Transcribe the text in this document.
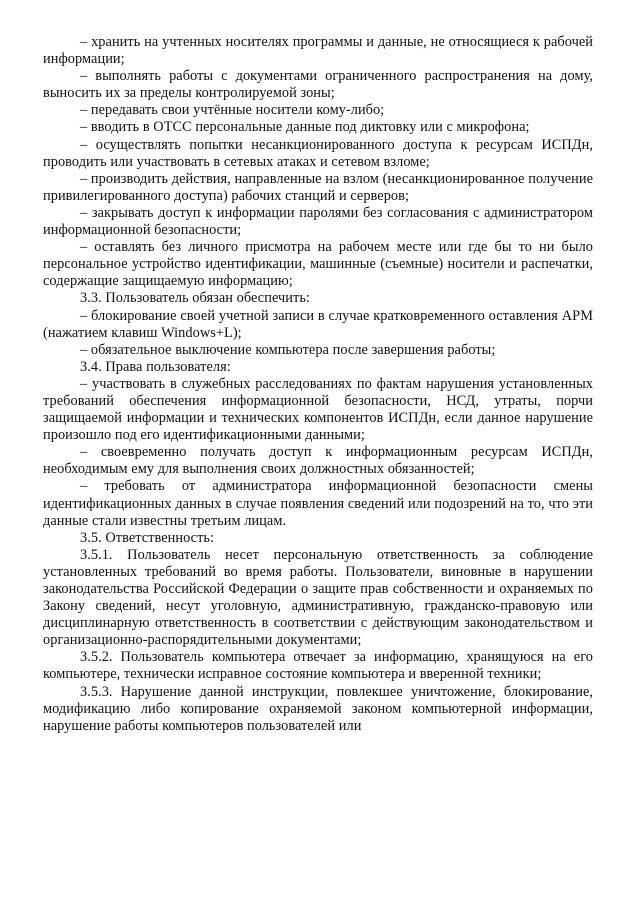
– хранить на учтенных носителях программы и данные, не относящиеся к рабочей информации;

– выполнять работы с документами ограниченного распространения на дому, выносить их за пределы контролируемой зоны;

– передавать свои учтённые носители кому-либо;

– вводить в ОТСС персональные данные под диктовку или с микрофона;

– осуществлять попытки несанкционированного доступа к ресурсам ИСПДн, проводить или участвовать в сетевых атаках и сетевом взломе;

– производить действия, направленные на взлом (несанкционированное получение привилегированного доступа) рабочих станций и серверов;

– закрывать доступ к информации паролями без согласования с администратором информационной безопасности;

– оставлять без личного присмотра на рабочем месте или где бы то ни было персональное устройство идентификации, машинные (съемные) носители и распечатки, содержащие защищаемую информацию;

3.3. Пользователь обязан обеспечить:

– блокирование своей учетной записи в случае кратковременного оставления АРМ (нажатием клавиш Windows+L);

– обязательное выключение компьютера после завершения работы;

3.4. Права пользователя:

– участвовать в служебных расследованиях по фактам нарушения установленных требований обеспечения информационной безопасности, НСД, утраты, порчи защищаемой информации и технических компонентов ИСПДн, если данное нарушение произошло под его идентификационными данными;

– своевременно получать доступ к информационным ресурсам ИСПДн, необходимым ему для выполнения своих должностных обязанностей;

– требовать от администратора информационной безопасности смены идентификационных данных в случае появления сведений или подозрений на то, что эти данные стали известны третьим лицам.

3.5. Ответственность:

3.5.1. Пользователь несет персональную ответственность за соблюдение установленных требований во время работы. Пользователи, виновные в нарушении законодательства Российской Федерации о защите прав собственности и охраняемых по Закону сведений, несут уголовную, административную, гражданско-правовую или дисциплинарную ответственность в соответствии с действующим законодательством и организационно-распорядительными документами;

3.5.2. Пользователь компьютера отвечает за информацию, хранящуюся на его компьютере, технически исправное состояние компьютера и вверенной техники;

3.5.3. Нарушение данной инструкции, повлекшее уничтожение, блокирование, модификацию либо копирование охраняемой законом компьютерной информации, нарушение работы компьютеров пользователей или
